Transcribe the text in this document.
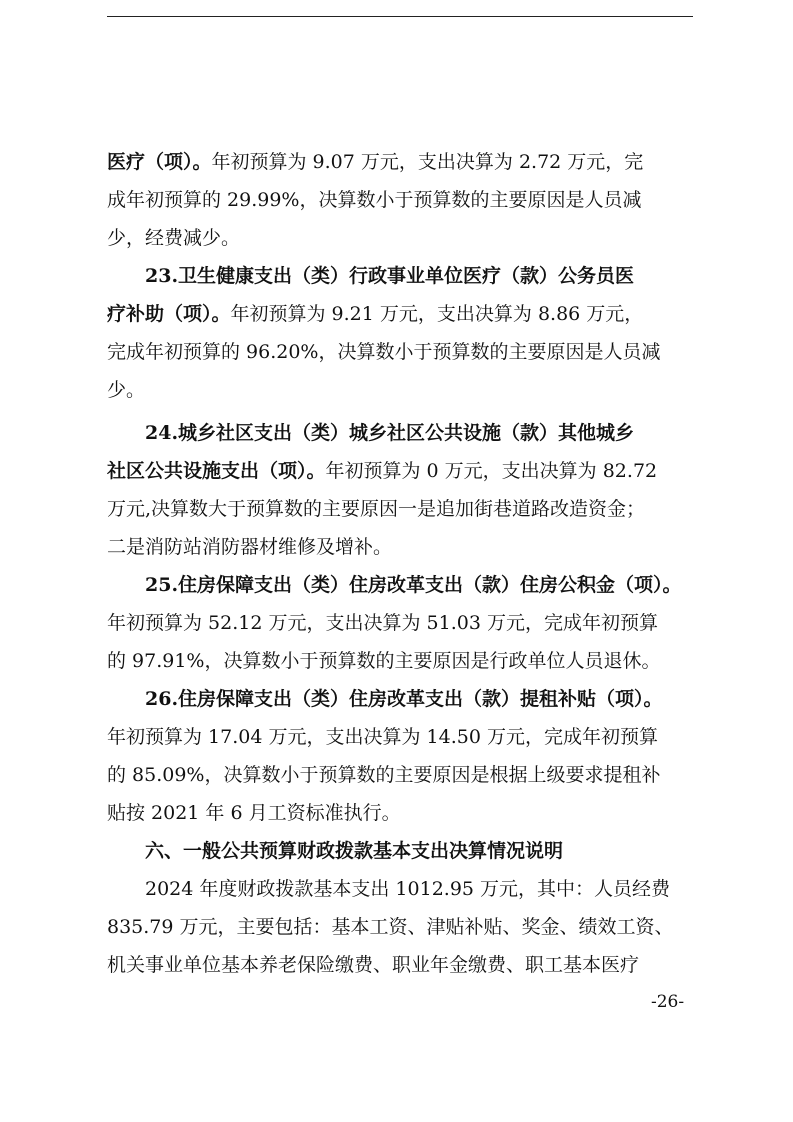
医疗（项）。年初预算为 9.07 万元，支出决算为 2.72 万元，完
成年初预算的 29.99%，决算数小于预算数的主要原因是人员减
少，经费减少。
23.卫生健康支出（类）行政事业单位医疗（款）公务员医
疗补助（项）。年初预算为 9.21 万元，支出决算为 8.86 万元，
完成年初预算的 96.20%，决算数小于预算数的主要原因是人员减
少。
24.城乡社区支出（类）城乡社区公共设施（款）其他城乡
社区公共设施支出（项）。年初预算为 0 万元，支出决算为 82.72
万元,决算数大于预算数的主要原因一是追加街巷道路改造资金；
二是消防站消防器材维修及增补。
25.住房保障支出（类）住房改革支出（款）住房公积金（项）。
年初预算为 52.12 万元，支出决算为 51.03 万元，完成年初预算
的 97.91%，决算数小于预算数的主要原因是行政单位人员退休。
26.住房保障支出（类）住房改革支出（款）提租补贴（项）。
年初预算为 17.04 万元，支出决算为 14.50 万元，完成年初预算
的 85.09%，决算数小于预算数的主要原因是根据上级要求提租补
贴按 2021 年 6 月工资标准执行。
六、一般公共预算财政拨款基本支出决算情况说明
2024 年度财政拨款基本支出 1012.95 万元，其中：人员经费
835.79 万元，主要包括：基本工资、津贴补贴、奖金、绩效工资、
机关事业单位基本养老保险缴费、职业年金缴费、职工基本医疗
-26-
